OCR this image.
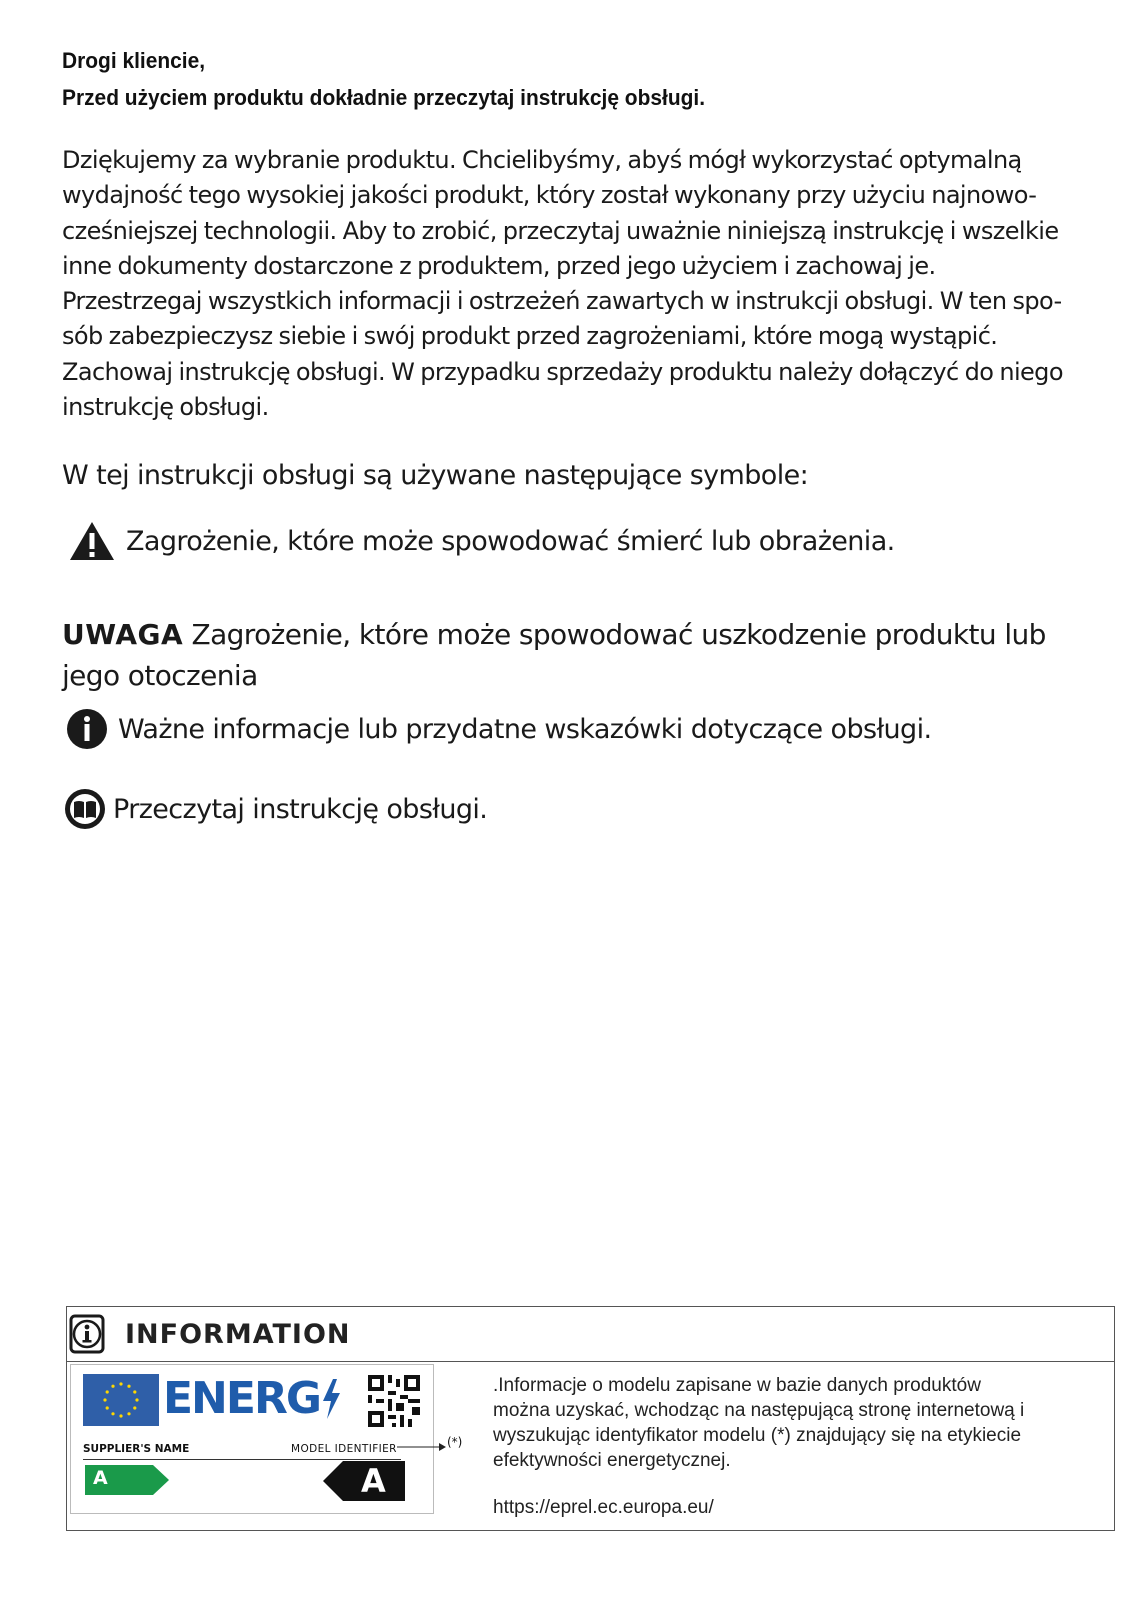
Drogi kliencie,
Przed użyciem produktu dokładnie przeczytaj instrukcję obsługi.

Dziękujemy za wybranie produktu. Chcielibyśmy, abyś mógł wykorzystać optymalną

wydajność tego wysokiej jakości produkt, który został wykonany przy użyciu najnowo-

cześniejszej technologii. Aby to zrobić, przeczytaj uważnie niniejszą instrukcję i wszelkie

inne dokumenty dostarczone z produktem, przed jego użyciem i zachowaj je.

Przestrzegaj wszystkich informacji i ostrzeżeń zawartych w instrukcji obsługi. W ten spo-

sób zabezpieczysz siebie i swój produkt przed zagrożeniami, które mogą wystąpić.

Zachowaj instrukcję obsługi. W przypadku sprzedaży produktu należy dołączyć do niego

instrukcję obsługi.

W tej instrukcji obsługi są używane następujące symbole:
Zagrożenie, które może spowodować śmierć lub obrażenia.
UWAGA Zagrożenie, które może spowodować uszkodzenie produktu lub jego otoczenia
Ważne informacje lub przydatne wskazówki dotyczące obsługi.
Przeczytaj instrukcję obsługi.
INFORMATION
ENERG
SUPPLIER'S NAME	MODEL IDENTIFIER
A	A
(*)
.Informacje o modelu zapisane w bazie danych produktów można uzyskać, wchodząc na następującą stronę internetową i wyszukując identyfikator modelu (*) znajdujący się na etykiecie efektywności energetycznej.
https://eprel.ec.europa.eu/
